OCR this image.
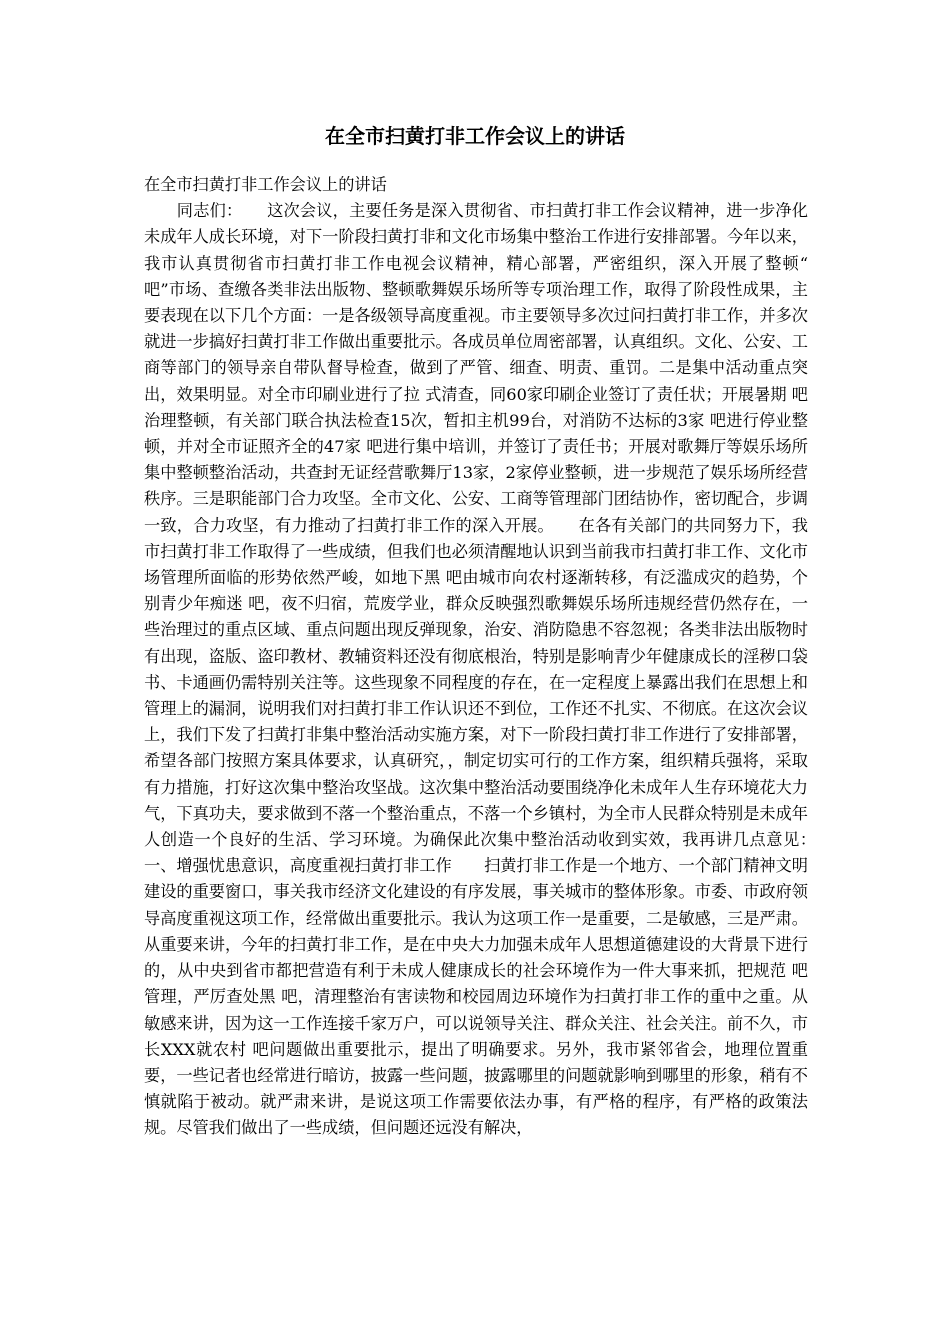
在全市扫黄打非工作会议上的讲话

在全市扫黄打非工作会议上的讲话

　　同志们：　　这次会议，主要任务是深入贯彻省、市扫黄打非工作会议精神，进一步净化未成年人成长环境，对下一阶段扫黄打非和文化市场集中整治工作进行安排部署。今年以来，我市认真贯彻省市扫黄打非工作电视会议精神，精心部署，严密组织，深入开展了整顿“ 吧”市场、查缴各类非法出版物、整顿歌舞娱乐场所等专项治理工作，取得了阶段性成果，主要表现在以下几个方面：一是各级领导高度重视。市主要领导多次过问扫黄打非工作，并多次就进一步搞好扫黄打非工作做出重要批示。各成员单位周密部署，认真组织。文化、公安、工商等部门的领导亲自带队督导检查，做到了严管、细查、明责、重罚。二是集中活动重点突出，效果明显。对全市印刷业进行了拉 式清查，同60家印刷企业签订了责任状；开展暑期 吧治理整顿，有关部门联合执法检查15次，暂扣主机99台，对消防不达标的3家 吧进行停业整顿，并对全市证照齐全的47家 吧进行集中培训，并签订了责任书；开展对歌舞厅等娱乐场所集中整顿整治活动，共查封无证经营歌舞厅13家，2家停业整顿，进一步规范了娱乐场所经营秩序。三是职能部门合力攻坚。全市文化、公安、工商等管理部门团结协作，密切配合，步调一致，合力攻坚，有力推动了扫黄打非工作的深入开展。　　在各有关部门的共同努力下，我市扫黄打非工作取得了一些成绩，但我们也必须清醒地认识到当前我市扫黄打非工作、文化市场管理所面临的形势依然严峻，如地下黑 吧由城市向农村逐渐转移，有泛滥成灾的趋势，个别青少年痴迷 吧，夜不归宿，荒废学业，群众反映强烈歌舞娱乐场所违规经营仍然存在，一些治理过的重点区域、重点问题出现反弹现象，治安、消防隐患不容忽视；各类非法出版物时有出现，盗版、盗印教材、教辅资料还没有彻底根治，特别是影响青少年健康成长的淫秽口袋书、卡通画仍需特别关注等。这些现象不同程度的存在，在一定程度上暴露出我们在思想上和管理上的漏洞，说明我们对扫黄打非工作认识还不到位，工作还不扎实、不彻底。在这次会议上，我们下发了扫黄打非集中整治活动实施方案，对下一阶段扫黄打非工作进行了安排部署，希望各部门按照方案具体要求，认真研究，，制定切实可行的工作方案，组织精兵强将，采取有力措施，打好这次集中整治攻坚战。这次集中整治活动要围绕净化未成年人生存环境花大力气，下真功夫，要求做到不落一个整治重点，不落一个乡镇村，为全市人民群众特别是未成年人创造一个良好的生活、学习环境。为确保此次集中整治活动收到实效，我再讲几点意见：　　一、增强忧患意识，高度重视扫黄打非工作　　扫黄打非工作是一个地方、一个部门精神文明建设的重要窗口，事关我市经济文化建设的有序发展，事关城市的整体形象。市委、市政府领导高度重视这项工作，经常做出重要批示。我认为这项工作一是重要，二是敏感，三是严肃。从重要来讲，今年的扫黄打非工作，是在中央大力加强未成年人思想道德建设的大背景下进行的，从中央到省市都把营造有利于未成人健康成长的社会环境作为一件大事来抓，把规范 吧管理，严厉查处黑 吧，清理整治有害读物和校园周边环境作为扫黄打非工作的重中之重。从敏感来讲，因为这一工作连接千家万户，可以说领导关注、群众关注、社会关注。前不久，市长XXX就农村 吧问题做出重要批示，提出了明确要求。另外，我市紧邻省会，地理位置重要，一些记者也经常进行暗访，披露一些问题，披露哪里的问题就影响到哪里的形象，稍有不慎就陷于被动。就严肃来讲，是说这项工作需要依法办事，有严格的程序，有严格的政策法规。尽管我们做出了一些成绩，但问题还远没有解决，
